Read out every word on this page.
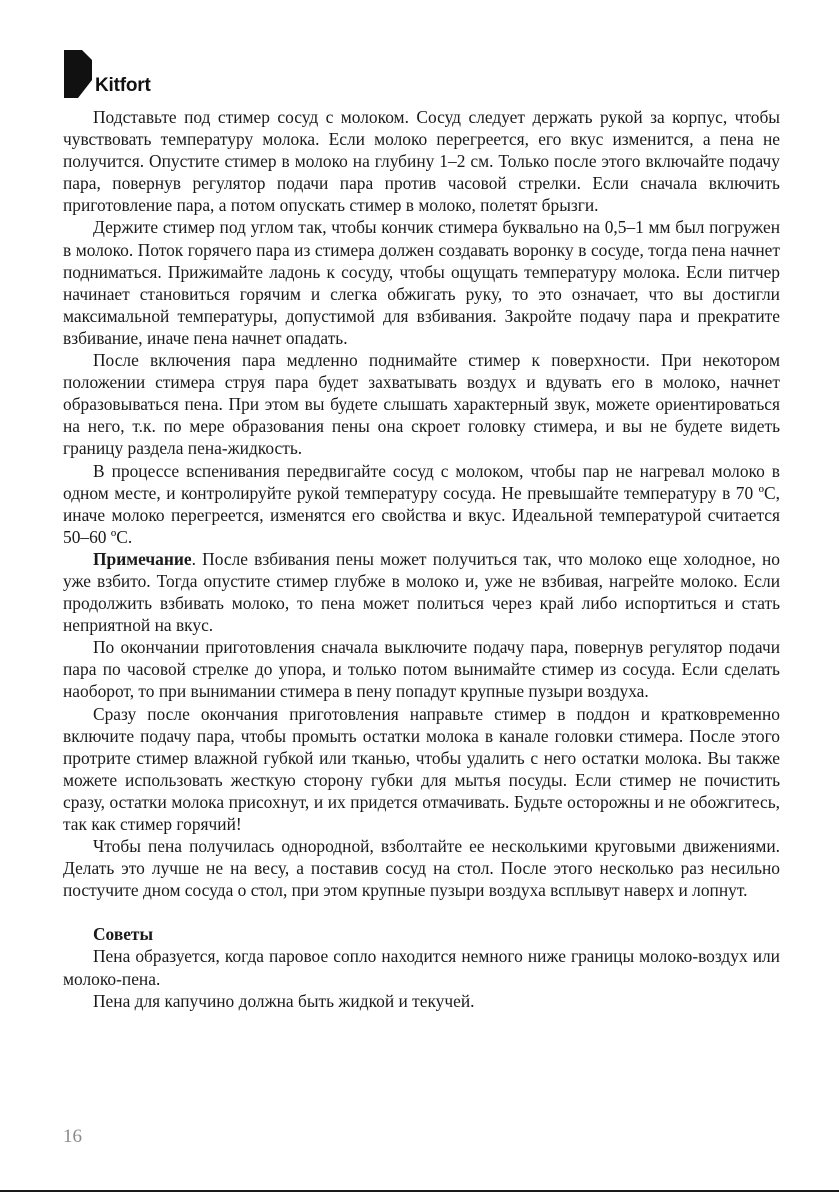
Kitfort

Подставьте под стимер сосуд с молоком. Сосуд следует держать рукой за корпус, чтобы чувствовать температуру молока. Если молоко перегреется, его вкус изменится, а пена не получится. Опустите стимер в молоко на глубину 1–2 см. Только после этого включайте подачу пара, повернув регулятор подачи пара против часовой стрелки. Если сначала включить приготовление пара, а потом опускать стимер в молоко, полетят брызги.

Держите стимер под углом так, чтобы кончик стимера буквально на 0,5–1 мм был погружен в молоко. Поток горячего пара из стимера должен создавать воронку в сосуде, тогда пена начнет подниматься. Прижимайте ладонь к сосуду, чтобы ощущать температуру молока. Если питчер начинает становиться горячим и слегка обжигать руку, то это означает, что вы достигли максимальной температуры, допустимой для взбивания. Закройте подачу пара и прекратите взбивание, иначе пена начнет опадать.

После включения пара медленно поднимайте стимер к поверхности. При некотором положении стимера струя пара будет захватывать воздух и вдувать его в молоко, начнет образовываться пена. При этом вы будете слышать характерный звук, можете ориентироваться на него, т.к. по мере образования пены она скроет головку стимера, и вы не будете видеть границу раздела пена-жидкость.

В процессе вспенивания передвигайте сосуд с молоком, чтобы пар не нагревал молоко в одном месте, и контролируйте рукой температуру сосуда. Не превышайте температуру в 70 ºC, иначе молоко перегреется, изменятся его свойства и вкус. Идеальной температурой считается 50–60 ºC.

Примечание. После взбивания пены может получиться так, что молоко еще холодное, но уже взбито. Тогда опустите стимер глубже в молоко и, уже не взбивая, нагрейте молоко. Если продолжить взбивать молоко, то пена может политься через край либо испортиться и стать неприятной на вкус.

По окончании приготовления сначала выключите подачу пара, повернув регулятор подачи пара по часовой стрелке до упора, и только потом вынимайте стимер из сосуда. Если сделать наоборот, то при вынимании стимера в пену попадут крупные пузыри воздуха.

Сразу после окончания приготовления направьте стимер в поддон и кратковременно включите подачу пара, чтобы промыть остатки молока в канале головки стимера. После этого протрите стимер влажной губкой или тканью, чтобы удалить с него остатки молока. Вы также можете использовать жесткую сторону губки для мытья посуды. Если стимер не почистить сразу, остатки молока присохнут, и их придется отмачивать. Будьте осторожны и не обожгитесь, так как стимер горячий!

Чтобы пена получилась однородной, взболтайте ее несколькими круговыми движениями. Делать это лучше не на весу, а поставив сосуд на стол. После этого несколько раз несильно постучите дном сосуда о стол, при этом крупные пузыри воздуха всплывут наверх и лопнут.

Советы

Пена образуется, когда паровое сопло находится немного ниже границы молоко-воздух или молоко-пена.

Пена для капучино должна быть жидкой и текучей.

16
